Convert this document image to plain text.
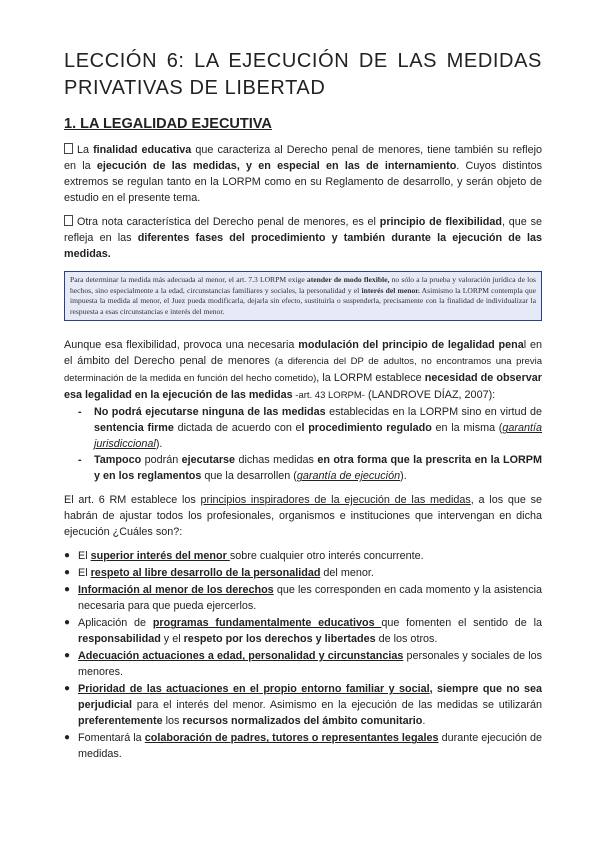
LECCIÓN 6: LA EJECUCIÓN DE LAS MEDIDAS PRIVATIVAS DE LIBERTAD
1. LA LEGALIDAD EJECUTIVA

La finalidad educativa que caracteriza al Derecho penal de menores, tiene también su reflejo en la ejecución de las medidas, y en especial en las de internamiento. Cuyos distintos extremos se regulan tanto en la LORPM como en su Reglamento de desarrollo, y serán objeto de estudio en el presente tema.

Otra nota característica del Derecho penal de menores, es el principio de flexibilidad, que se refleja en las diferentes fases del procedimiento y también durante la ejecución de las medidas.

Para determinar la medida más adecuada al menor, el art. 7.3 LORPM exige atender de modo flexible, no sólo a la prueba y valoración jurídica de los hechos, sino especialmente a la edad, circunstancias familiares y sociales, la personalidad y el interés del menor. Asimismo la LORPM contempla que impuesta la medida al menor, el Juez pueda modificarla, dejarla sin efecto, sustituirla o suspenderla, precisamente con la finalidad de individualizar la respuesta a esas circunstancias e interés del menor.

Aunque esa flexibilidad, provoca una necesaria modulación del principio de legalidad penal en el ámbito del Derecho penal de menores (a diferencia del DP de adultos, no encontramos una previa determinación de la medida en función del hecho cometido), la LORPM establece necesidad de observar esa legalidad en la ejecución de las medidas -art. 43 LORPM- (LANDROVE DÍAZ, 2007):

- No podrá ejecutarse ninguna de las medidas establecidas en la LORPM sino en virtud de sentencia firme dictada de acuerdo con el procedimiento regulado en la misma (garantía jurisdiccional).
- Tampoco podrán ejecutarse dichas medidas en otra forma que la prescrita en la LORPM y en los reglamentos que la desarrollen (garantía de ejecución).

El art. 6 RM establece los principios inspiradores de la ejecución de las medidas, a los que se habrán de ajustar todos los profesionales, organismos e instituciones que intervengan en dicha ejecución ¿Cuáles son?:

● El superior interés del menor sobre cualquier otro interés concurrente.
● El respeto al libre desarrollo de la personalidad del menor.
● Información al menor de los derechos que les corresponden en cada momento y la asistencia necesaria para que pueda ejercerlos.
● Aplicación de programas fundamentalmente educativos que fomenten el sentido de la responsabilidad y el respeto por los derechos y libertades de los otros.
● Adecuación actuaciones a edad, personalidad y circunstancias personales y sociales de los menores.
● Prioridad de las actuaciones en el propio entorno familiar y social, siempre que no sea perjudicial para el interés del menor. Asimismo en la ejecución de las medidas se utilizarán preferentemente los recursos normalizados del ámbito comunitario.
● Fomentará la colaboración de padres, tutores o representantes legales durante ejecución de medidas.
